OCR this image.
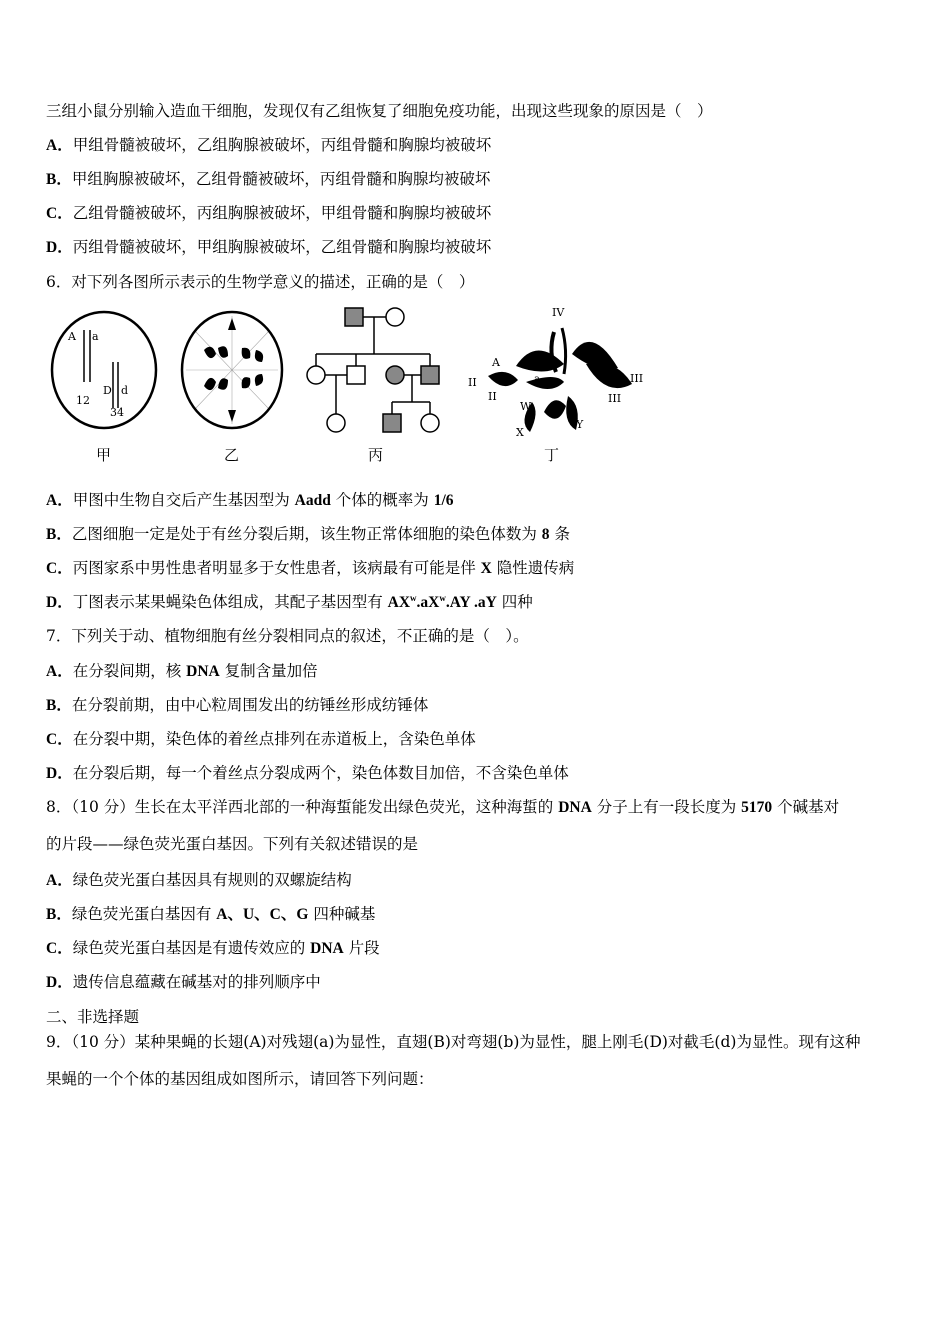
三组小鼠分别输入造血干细胞，发现仅有乙组恢复了细胞免疫功能，出现这些现象的原因是（　）
A．甲组骨髓被破坏，乙组胸腺被破坏，丙组骨髓和胸腺均被破坏
B．甲组胸腺被破坏，乙组骨髓被破坏，丙组骨髓和胸腺均被破坏
C．乙组骨髓被破坏，丙组胸腺被破坏，甲组骨髓和胸腺均被破坏
D．丙组骨髓被破坏，甲组胸腺被破坏，乙组骨髓和胸腺均被破坏
6．对下列各图所示表示的生物学意义的描述，正确的是（　）
A a
12
D d
34
甲	乙	丙
IV
A
a
II
II
III
III
W
X
Y
丁
A．甲图中生物自交后产生基因型为 Aadd 个体的概率为 1/6
B．乙图细胞一定是处于有丝分裂后期，该生物正常体细胞的染色体数为 8 条
C．丙图家系中男性患者明显多于女性患者，该病最有可能是伴 X 隐性遗传病
D．丁图表示某果蝇染色体组成，其配子基因型有 $AX^w.aX^w.AY$ .aY 四种
7．下列关于动、植物细胞有丝分裂相同点的叙述，不正确的是（　）。
A．在分裂间期，核 DNA 复制含量加倍
B．在分裂前期，由中心粒周围发出的纺锤丝形成纺锤体
C．在分裂中期，染色体的着丝点排列在赤道板上，含染色单体
D．在分裂后期，每一个着丝点分裂成两个，染色体数目加倍，不含染色单体
8．（10 分）生长在太平洋西北部的一种海蜇能发出绿色荧光，这种海蜇的 DNA 分子上有一段长度为 5170 个碱基对
的片段——绿色荧光蛋白基因。下列有关叙述错误的是
A．绿色荧光蛋白基因具有规则的双螺旋结构
B．绿色荧光蛋白基因有 A、U、C、G 四种碱基
C．绿色荧光蛋白基因是有遗传效应的 DNA 片段
D．遗传信息蕴藏在碱基对的排列顺序中
二、非选择题
9．（10 分）某种果蝇的长翅(A)对残翅(a)为显性，直翅(B)对弯翅(b)为显性，腿上刚毛(D)对截毛(d)为显性。现有这种
果蝇的一个个体的基因组成如图所示，请回答下列问题：
